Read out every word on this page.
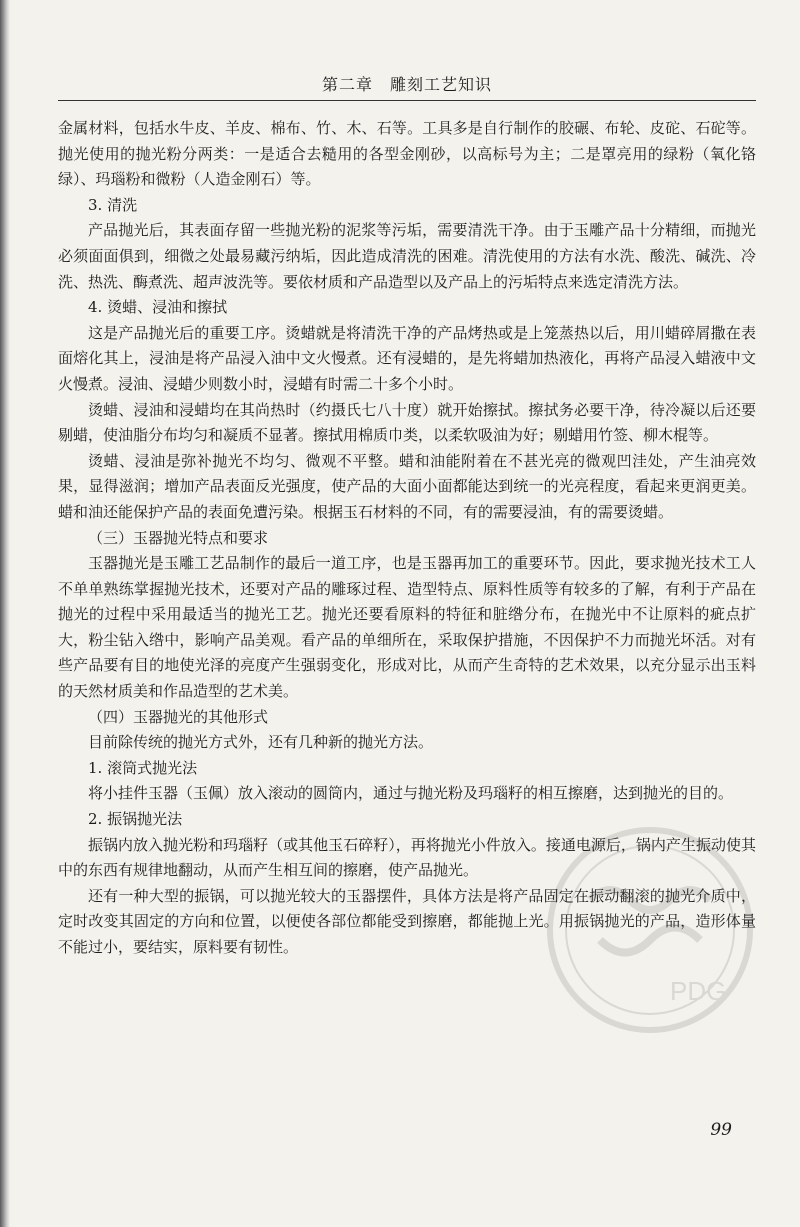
第二章　雕刻工艺知识

金属材料，包括水牛皮、羊皮、棉布、竹、木、石等。工具多是自行制作的胶碾、布轮、皮砣、石砣等。抛光使用的抛光粉分两类：一是适合去糙用的各型金刚砂，以高标号为主；二是罩亮用的绿粉（氧化铬绿）、玛瑙粉和微粉（人造金刚石）等。

3. 清洗

产品抛光后，其表面存留一些抛光粉的泥浆等污垢，需要清洗干净。由于玉雕产品十分精细，而抛光必须面面俱到，细微之处最易藏污纳垢，因此造成清洗的困难。清洗使用的方法有水洗、酸洗、碱洗、冷洗、热洗、酶煮洗、超声波洗等。要依材质和产品造型以及产品上的污垢特点来选定清洗方法。

4. 烫蜡、浸油和擦拭

这是产品抛光后的重要工序。烫蜡就是将清洗干净的产品烤热或是上笼蒸热以后，用川蜡碎屑撒在表面熔化其上，浸油是将产品浸入油中文火慢煮。还有浸蜡的，是先将蜡加热液化，再将产品浸入蜡液中文火慢煮。浸油、浸蜡少则数小时，浸蜡有时需二十多个小时。

烫蜡、浸油和浸蜡均在其尚热时（约摄氏七八十度）就开始擦拭。擦拭务必要干净，待冷凝以后还要剔蜡，使油脂分布均匀和凝质不显著。擦拭用棉质巾类，以柔软吸油为好；剔蜡用竹签、柳木棍等。

烫蜡、浸油是弥补抛光不均匀、微观不平整。蜡和油能附着在不甚光亮的微观凹洼处，产生油亮效果，显得滋润；增加产品表面反光强度，使产品的大面小面都能达到统一的光亮程度，看起来更润更美。蜡和油还能保护产品的表面免遭污染。根据玉石材料的不同，有的需要浸油，有的需要烫蜡。

（三）玉器抛光特点和要求

玉器抛光是玉雕工艺品制作的最后一道工序，也是玉器再加工的重要环节。因此，要求抛光技术工人不单单熟练掌握抛光技术，还要对产品的雕琢过程、造型特点、原料性质等有较多的了解，有利于产品在抛光的过程中采用最适当的抛光工艺。抛光还要看原料的特征和脏绺分布，在抛光中不让原料的疵点扩大，粉尘钻入绺中，影响产品美观。看产品的单细所在，采取保护措施，不因保护不力而抛光坏活。对有些产品要有目的地使光泽的亮度产生强弱变化，形成对比，从而产生奇特的艺术效果，以充分显示出玉料的天然材质美和作品造型的艺术美。

（四）玉器抛光的其他形式

目前除传统的抛光方式外，还有几种新的抛光方法。

1. 滚筒式抛光法

将小挂件玉器（玉佩）放入滚动的圆筒内，通过与抛光粉及玛瑙籽的相互擦磨，达到抛光的目的。

2. 振锅抛光法

振锅内放入抛光粉和玛瑙籽（或其他玉石碎籽），再将抛光小件放入。接通电源后，锅内产生振动使其中的东西有规律地翻动，从而产生相互间的擦磨，使产品抛光。

还有一种大型的振锅，可以抛光较大的玉器摆件，具体方法是将产品固定在振动翻滚的抛光介质中，定时改变其固定的方向和位置，以便使各部位都能受到擦磨，都能抛上光。用振锅抛光的产品，造形体量不能过小，要结实，原料要有韧性。

99
PDG
